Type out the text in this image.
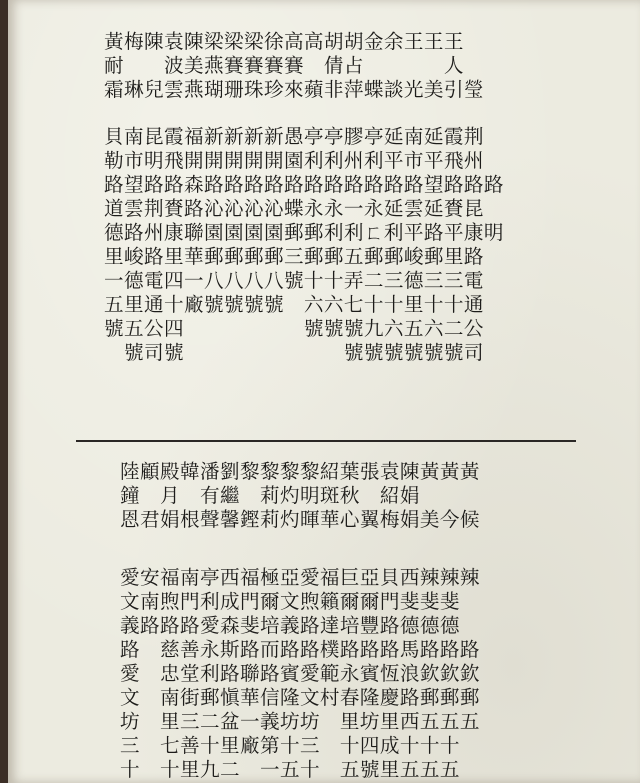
黃梅陳袁陳梁梁梁徐高高胡胡金余王王王
耐　　波美燕賽賽賽賽　倩占　　　　人
霜琳兒雲燕瑚珊珠珍來蘋非萍蝶談光美引瑩
貝南昆霞福新新新新愚亭亭膠亭延南延霞荆
勒市明飛開開開開開園利利州利平市平飛州
路望路路森路路路路路路路路路路路望路路路
道雲荆賚路沁沁沁沁蝶永永一永延雲延賚昆
德路州康聯園園園園郵郵利利ㄈ利平路平康明
里峻路里華郵郵郵郵三郵郵五郵郵峻郵里路
一德電四一八八八八號十十弄二三德三三電
五里通十廠號號號號　六六七十十里十十通
號五公四　　　　　　號號號九六五六二公
　號司號　　　　　　　　號號號號號號司
陸顧殿韓潘劉黎黎黎黎紹葉張袁陳黃黃黃
鐘　月　有繼　莉灼明斑秋　紹娟
恩君娟根聲馨鏗莉灼暉華心翼梅娟美今候
愛安福南亭西福極亞愛福巨亞貝西辣辣辣
文南煦門利成門爾文煦籟爾爾門斐斐斐
義路路路愛森斐培義路達培豐路德德德
路　慈善永斯路而路路樸路路路馬路路路
愛　忠堂利路聯路賓愛範永賓恆浪欽欽欽
文　南街郵愼華信隆文村春隆慶路郵郵郵
坊　里三二盆一義坊坊　里坊里西五五五
三　七善十里廠第十三　十四成十十十
十　十里九二　一五十　五號里五五五
